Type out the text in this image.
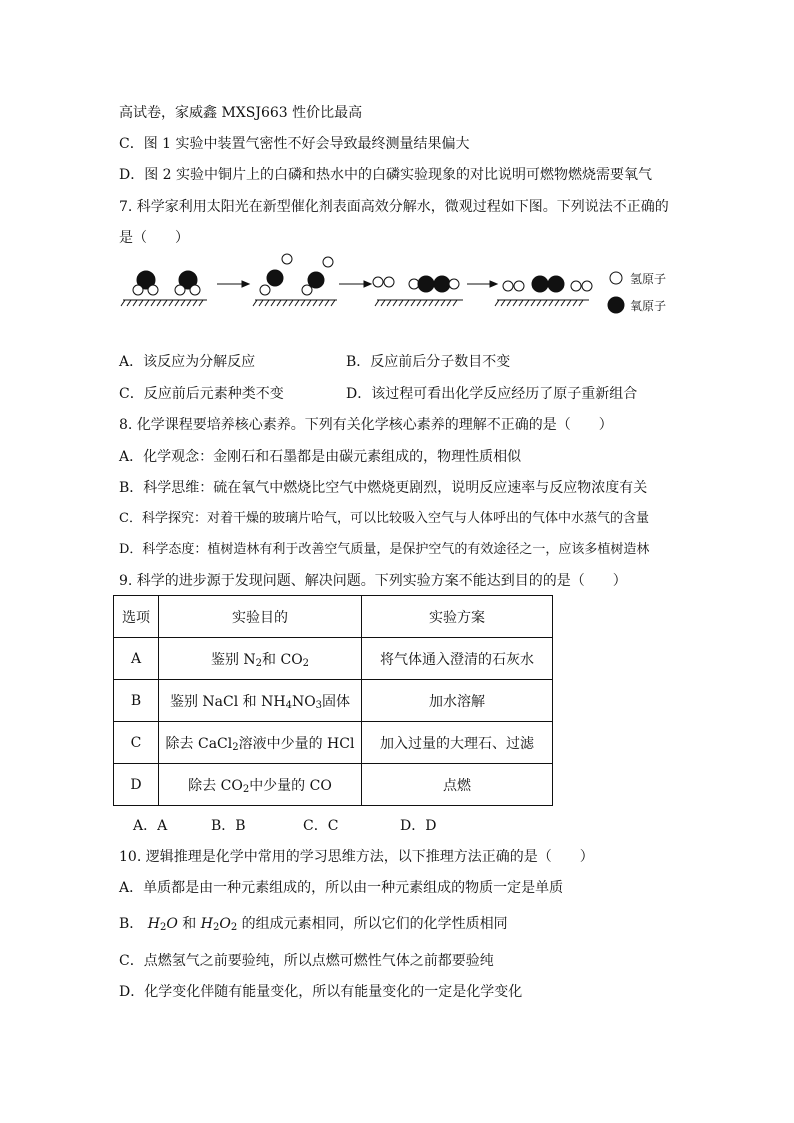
高试卷，家威鑫 MXSJ663 性价比最高
C．图 1 实验中装置气密性不好会导致最终测量结果偏大
D．图 2 实验中铜片上的白磷和热水中的白磷实验现象的对比说明可燃物燃烧需要氧气
7. 科学家利用太阳光在新型催化剂表面高效分解水，微观过程如下图。下列说法不正确的
是（　　）
氢原子
氧原子
A．该反应为分解反应	B．反应前后分子数目不变
C．反应前后元素种类不变	D．该过程可看出化学反应经历了原子重新组合
8. 化学课程要培养核心素养。下列有关化学核心素养的理解不正确的是（　　）
A．化学观念：金刚石和石墨都是由碳元素组成的，物理性质相似
B．科学思维：硫在氧气中燃烧比空气中燃烧更剧烈，说明反应速率与反应物浓度有关
C．科学探究：对着干燥的玻璃片哈气，可以比较吸入空气与人体呼出的气体中水蒸气的含量
D．科学态度：植树造林有利于改善空气质量，是保护空气的有效途径之一，应该多植树造林
9. 科学的进步源于发现问题、解决问题。下列实验方案不能达到目的的是（　　）
选项	实验目的	实验方案
A	鉴别 $N_2$和 $CO_2$	将气体通入澄清的石灰水
B	鉴别 NaCl 和 $NH_4NO_3$固体	加水溶解
C	除去 CaCl$_2$溶液中少量的 HCl	加入过量的大理石、过滤
D	除去 $CO_2$中少量的 CO	点燃
A．A	B．B	C．C	D．D
10. 逻辑推理是化学中常用的学习思维方法，以下推理方法正确的是（　　）
A．单质都是由一种元素组成的，所以由一种元素组成的物质一定是单质
B． $H_2O$ 和 $H_2O_2$ 的组成元素相同，所以它们的化学性质相同
C．点燃氢气之前要验纯，所以点燃可燃性气体之前都要验纯
D．化学变化伴随有能量变化，所以有能量变化的一定是化学变化
